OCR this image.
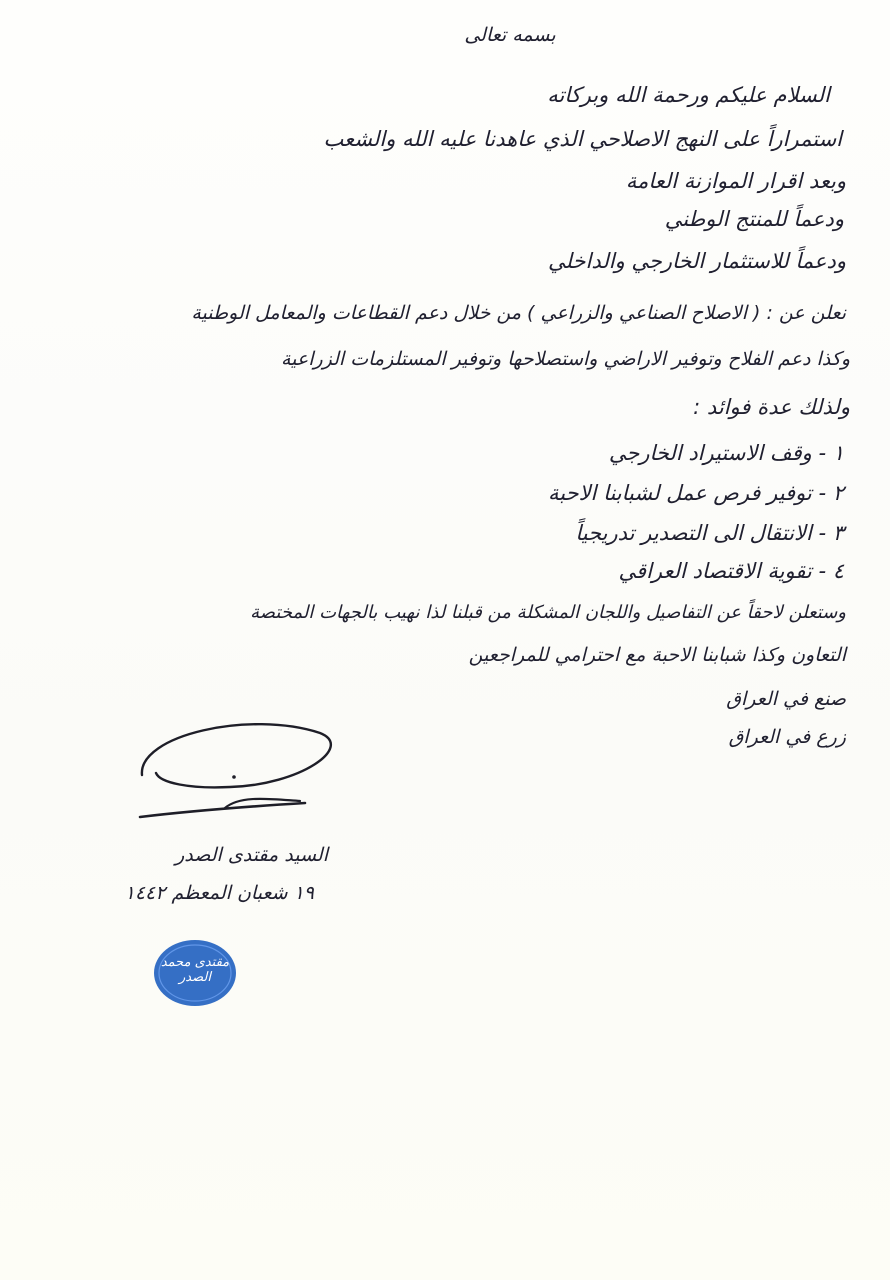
بسمه تعالى
السلام عليكم ورحمة الله وبركاته
استمراراً على النهج الاصلاحي الذي عاهدنا عليه الله والشعب
وبعد اقرار الموازنة العامة
ودعماً للمنتج الوطني
ودعماً للاستثمار الخارجي والداخلي
نعلن عن : ( الاصلاح الصناعي والزراعي ) من خلال دعم القطاعات والمعامل الوطنية
وكذا دعم الفلاح وتوفير الاراضي واستصلاحها وتوفير المستلزمات الزراعية
ولذلك عدة فوائد :
١ - وقف الاستيراد الخارجي
٢ - توفير فرص عمل لشبابنا الاحبة
٣ - الانتقال الى التصدير تدريجياً
٤ - تقوية الاقتصاد العراقي
وستعلن لاحقاً عن التفاصيل واللجان المشكلة من قبلنا لذا نهيب بالجهات المختصة
التعاون وكذا شبابنا الاحبة مع احترامي للمراجعين
صنع في العراق
زرع في العراق
السيد مقتدى الصدر
١٩ شعبان المعظم ١٤٤٢
مقتدى محمد الصدر
